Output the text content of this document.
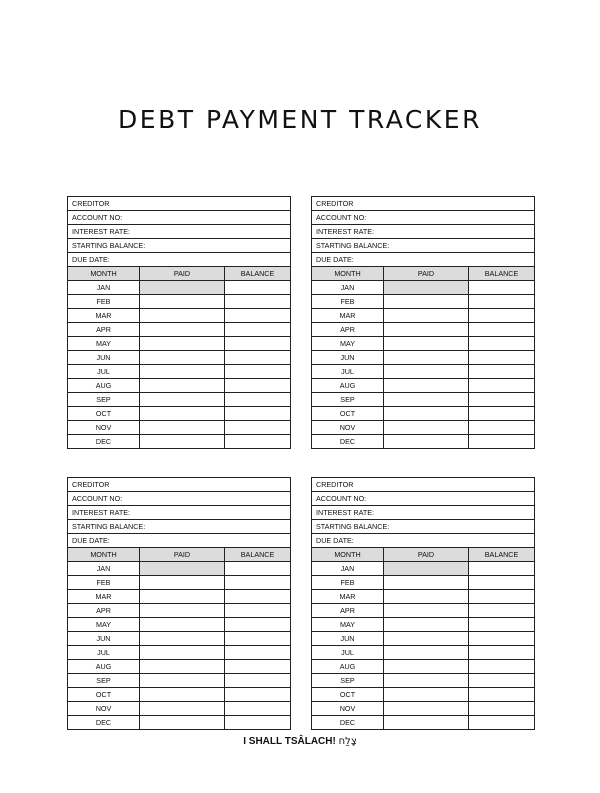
DEBT PAYMENT TRACKER
CREDITOR		
ACCOUNT NO:		
INTEREST RATE:		
STARTING BALANCE:		
DUE DATE:		
MONTH	PAID	BALANCE
JAN		
FEB		
MAR		
APR		
MAY		
JUN		
JUL		
AUG		
SEP		
OCT		
NOV		
DEC		
CREDITOR		
ACCOUNT NO:		
INTEREST RATE:		
STARTING BALANCE:		
DUE DATE:		
MONTH	PAID	BALANCE
JAN		
FEB		
MAR		
APR		
MAY		
JUN		
JUL		
AUG		
SEP		
OCT		
NOV		
DEC		
CREDITOR		
ACCOUNT NO:		
INTEREST RATE:		
STARTING BALANCE:		
DUE DATE:		
MONTH	PAID	BALANCE
JAN		
FEB		
MAR		
APR		
MAY		
JUN		
JUL		
AUG		
SEP		
OCT		
NOV		
DEC		
CREDITOR		
ACCOUNT NO:		
INTEREST RATE:		
STARTING BALANCE:		
DUE DATE:		
MONTH	PAID	BALANCE
JAN		
FEB		
MAR		
APR		
MAY		
JUN		
JUL		
AUG		
SEP		
OCT		
NOV		
DEC		
I SHALL TSÂLACH! צָלַח
